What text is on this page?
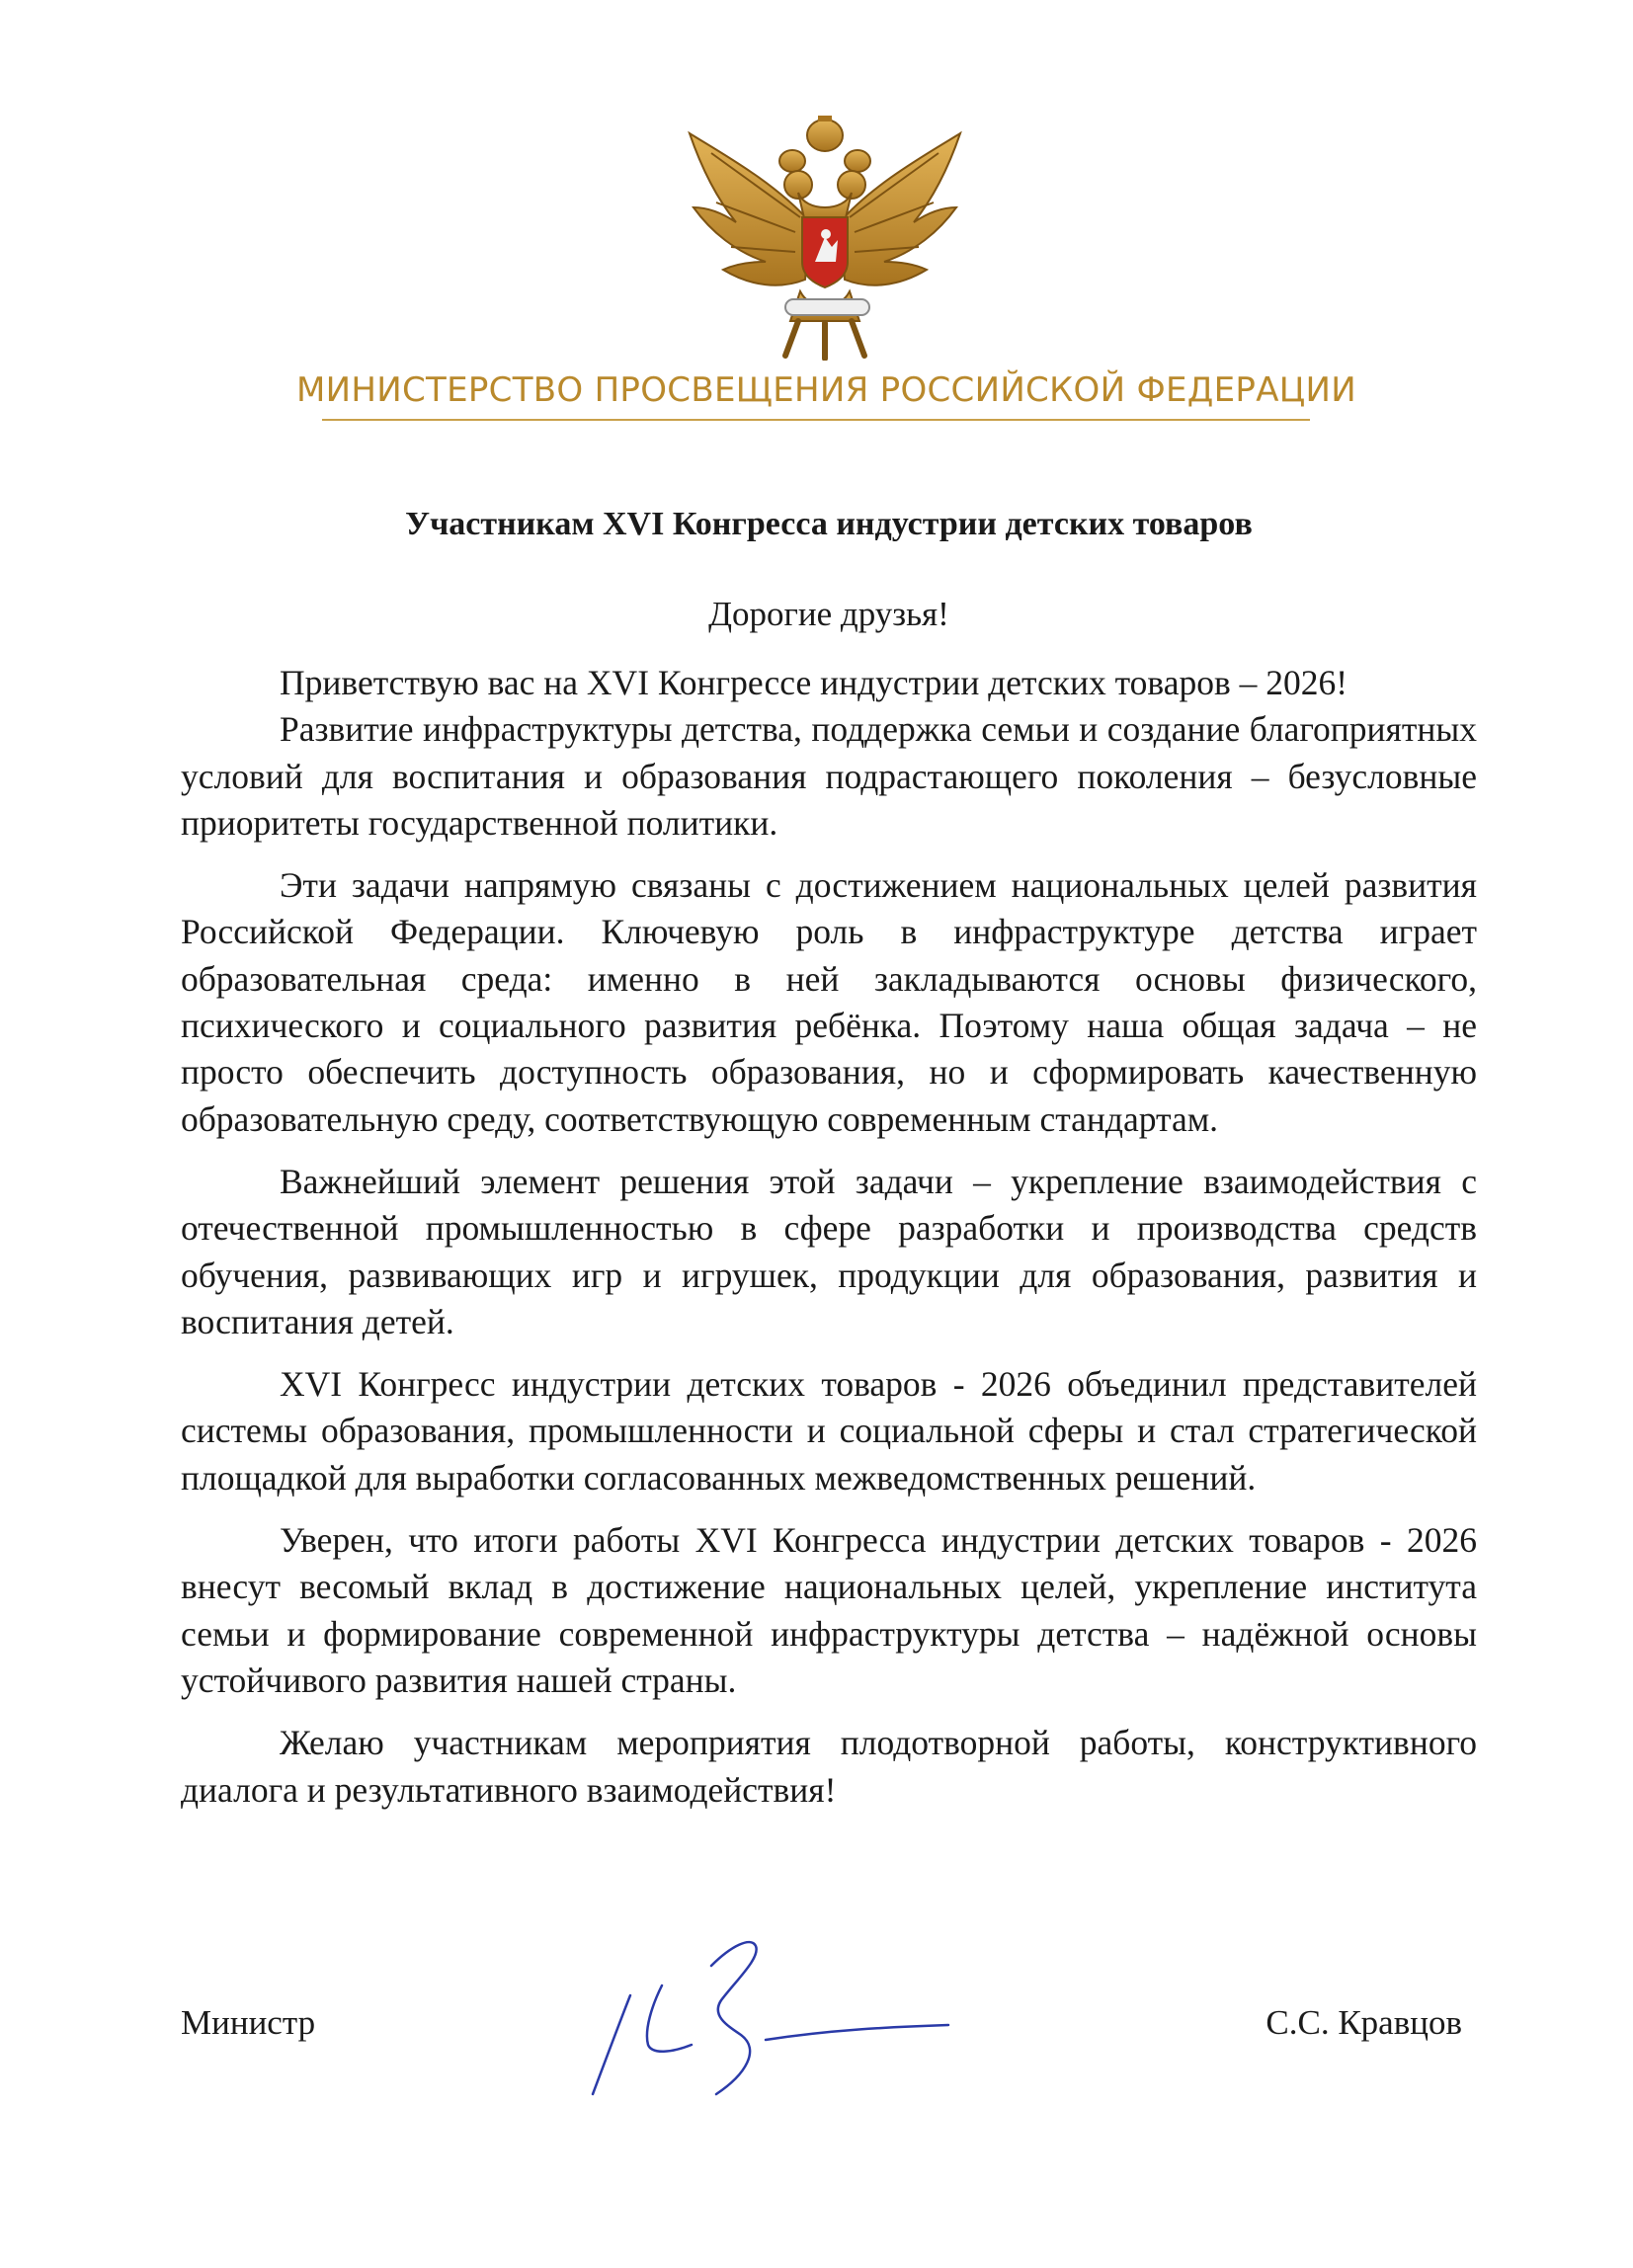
МИНИСТЕРСТВО ПРОСВЕЩЕНИЯ РОССИЙСКОЙ ФЕДЕРАЦИИ
Участникам XVI Конгресса индустрии детских товаров
Дорогие друзья!

Приветствую вас на XVI Конгрессе индустрии детских товаров – 2026!

Развитие инфраструктуры детства, поддержка семьи и создание благоприятных условий для воспитания и образования подрастающего поколения – безусловные приоритеты государственной политики.

Эти задачи напрямую связаны с достижением национальных целей развития Российской Федерации. Ключевую роль в инфраструктуре детства играет образовательная среда: именно в ней закладываются основы физического, психического и социального развития ребёнка. Поэтому наша общая задача – не просто обеспечить доступность образования, но и сформировать качественную образовательную среду, соответствующую современным стандартам.

Важнейший элемент решения этой задачи – укрепление взаимодействия с отечественной промышленностью в сфере разработки и производства средств обучения, развивающих игр и игрушек, продукции для образования, развития и воспитания детей.

XVI Конгресс индустрии детских товаров - 2026 объединил представителей системы образования, промышленности и социальной сферы и стал стратегической площадкой для выработки согласованных межведомственных решений.

Уверен, что итоги работы XVI Конгресса индустрии детских товаров - 2026 внесут весомый вклад в достижение национальных целей, укрепление института семьи и формирование современной инфраструктуры детства – надёжной основы устойчивого развития нашей страны.

Желаю участникам мероприятия плодотворной работы, конструктивного диалога и результативного взаимодействия!

Министр	С.С. Кравцов
